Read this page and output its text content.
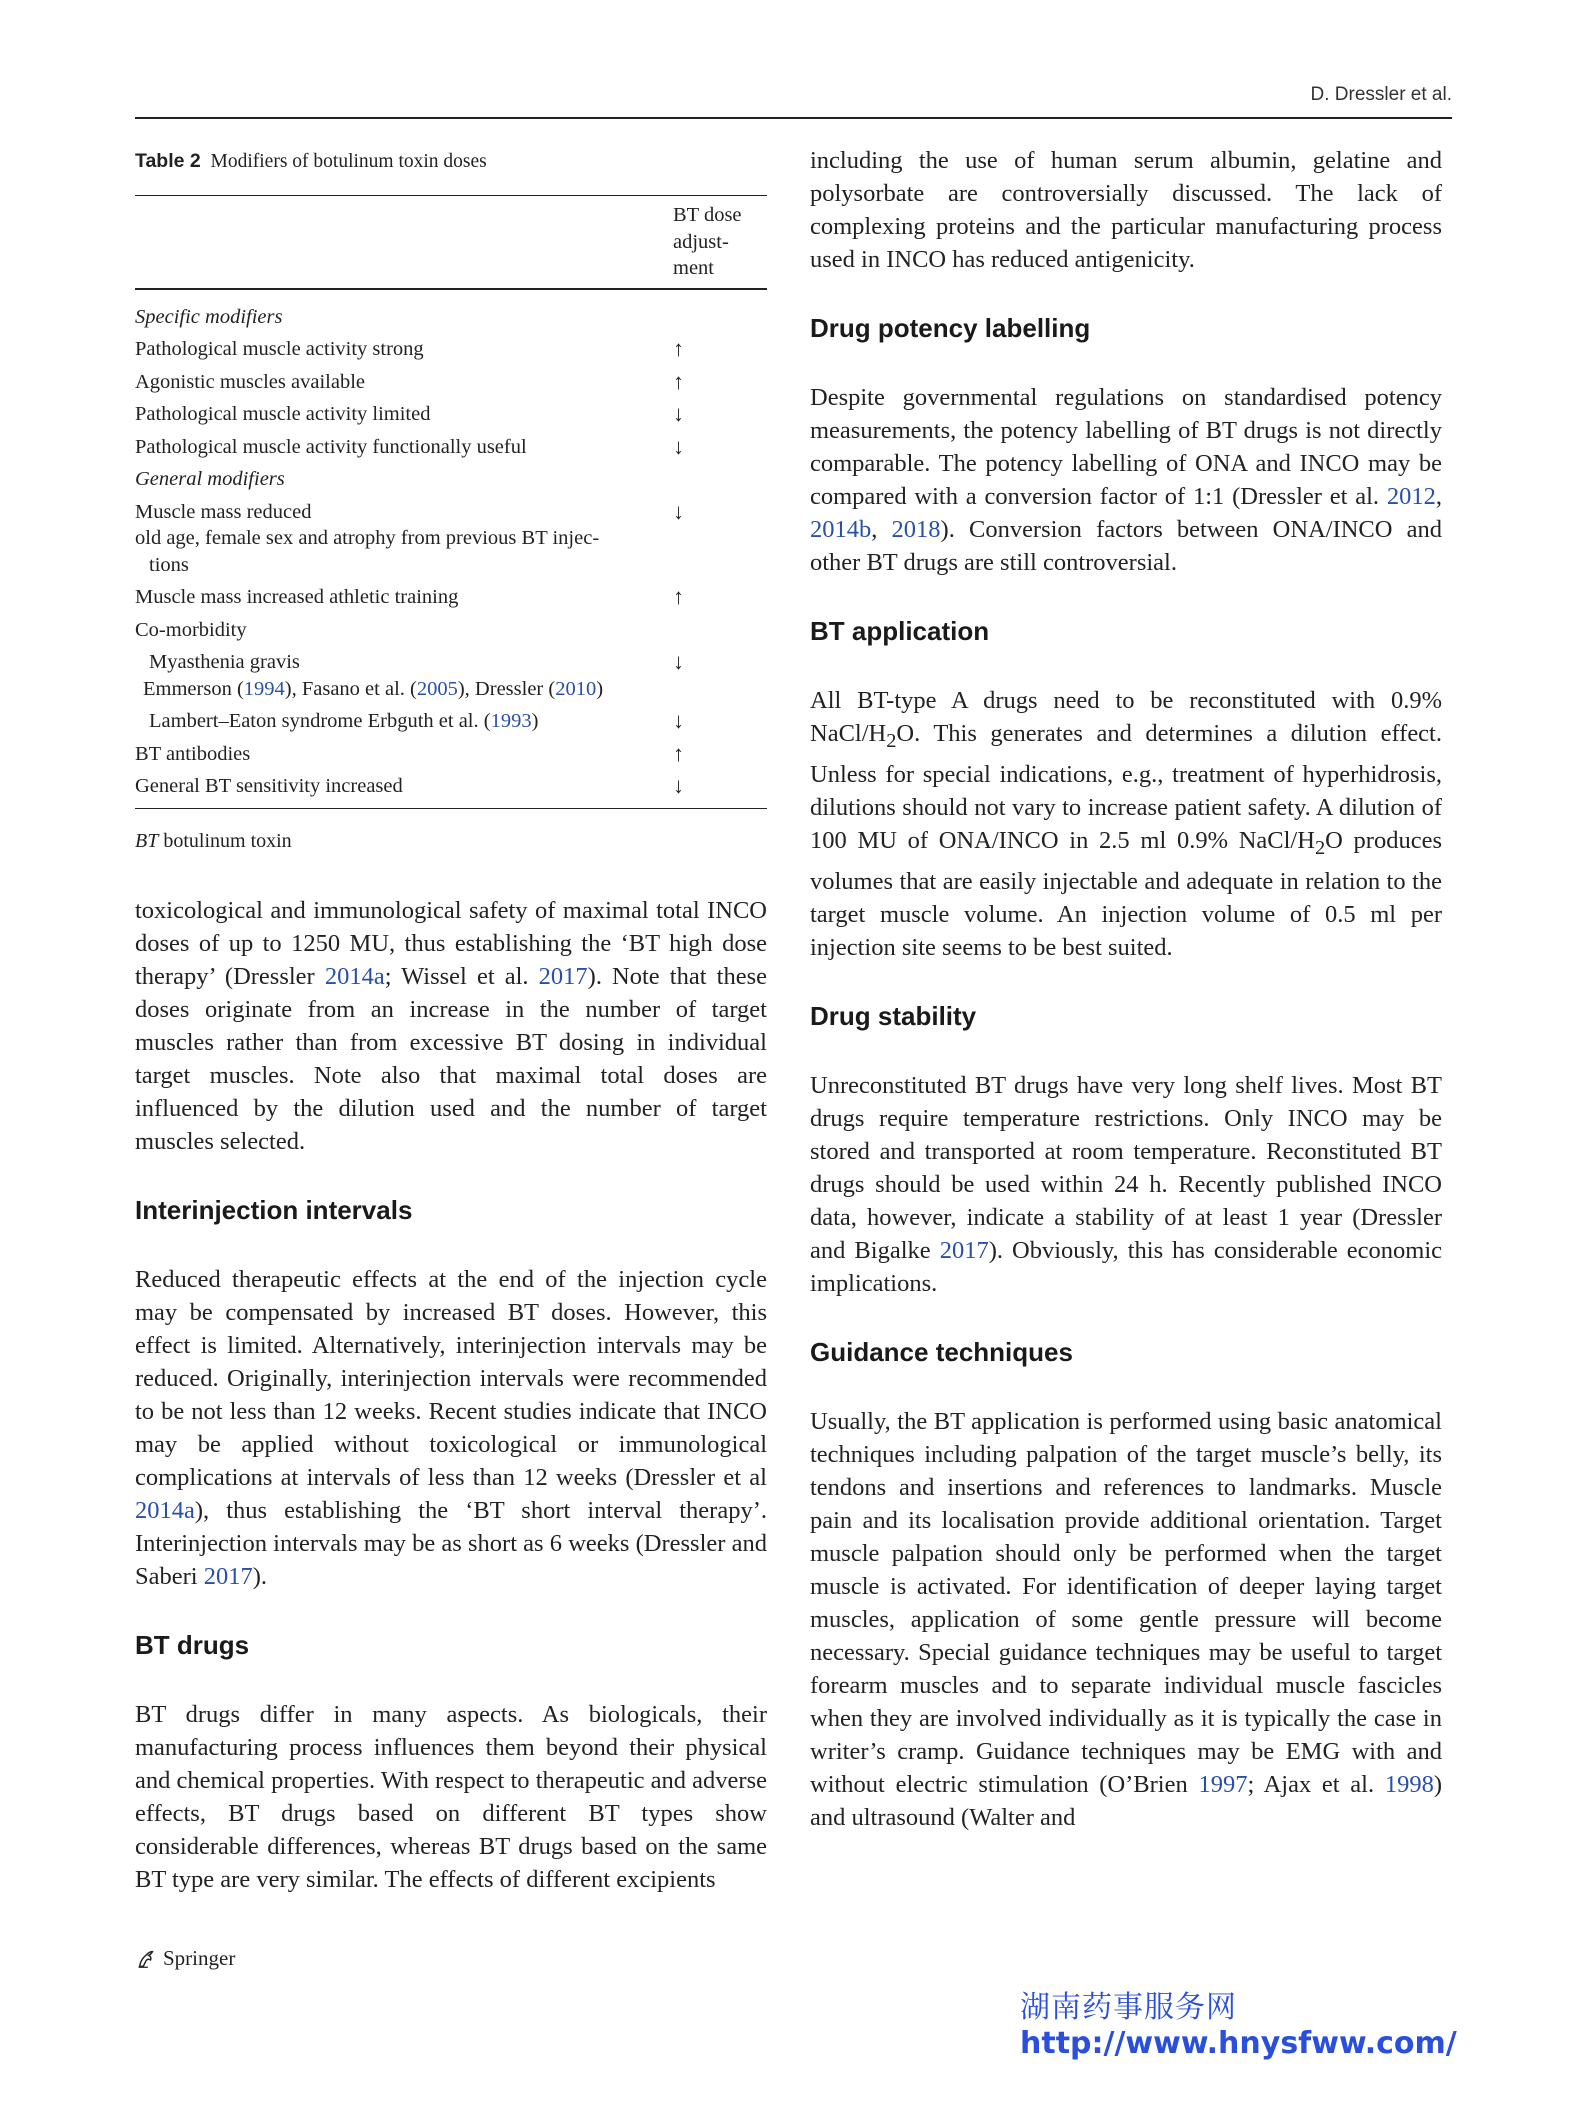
D. Dressler et al.
Table 2 Modifiers of botulinum toxin doses
	BT dose
adjust-
ment
Specific modifiers	
Pathological muscle activity strong	↑
Agonistic muscles available	↑
Pathological muscle activity limited	↓
Pathological muscle activity functionally useful	↓
General modifiers	
Muscle mass reduced
old age, female sex and atrophy from previous BT injec-
tions	↓
Muscle mass increased athletic training	↑
Co-morbidity	
Myasthenia gravis
Emmerson (1994), Fasano et al. (2005), Dressler (2010)	↓
Lambert–Eaton syndrome Erbguth et al. (1993)	↓
BT antibodies	↑
General BT sensitivity increased	↓
BT botulinum toxin

toxicological and immunological safety of maximal total INCO doses of up to 1250 MU, thus establishing the ‘BT high dose therapy’ (Dressler 2014a; Wissel et al. 2017). Note that these doses originate from an increase in the number of target muscles rather than from excessive BT dosing in individual target muscles. Note also that maximal total doses are influenced by the dilution used and the number of target muscles selected.

Interinjection intervals

Reduced therapeutic effects at the end of the injection cycle may be compensated by increased BT doses. However, this effect is limited. Alternatively, interinjection intervals may be reduced. Originally, interinjection intervals were recommended to be not less than 12 weeks. Recent studies indicate that INCO may be applied without toxicological or immunological complications at intervals of less than 12 weeks (Dressler et al 2014a), thus establishing the ‘BT short interval therapy’. Interinjection intervals may be as short as 6 weeks (Dressler and Saberi 2017).

BT drugs

BT drugs differ in many aspects. As biologicals, their manufacturing process influences them beyond their physical and chemical properties. With respect to therapeutic and adverse effects, BT drugs based on different BT types show considerable differences, whereas BT drugs based on the same BT type are very similar. The effects of different excipients

including the use of human serum albumin, gelatine and polysorbate are controversially discussed. The lack of complexing proteins and the particular manufacturing process used in INCO has reduced antigenicity.

Drug potency labelling

Despite governmental regulations on standardised potency measurements, the potency labelling of BT drugs is not directly comparable. The potency labelling of ONA and INCO may be compared with a conversion factor of 1:1 (Dressler et al. 2012, 2014b, 2018). Conversion factors between ONA/INCO and other BT drugs are still controversial.

BT application

All BT-type A drugs need to be reconstituted with 0.9% NaCl/$H_2O$. This generates and determines a dilution effect. Unless for special indications, e.g., treatment of hyperhidrosis, dilutions should not vary to increase patient safety. A dilution of 100 MU of ONA/INCO in 2.5 ml 0.9% NaCl/$H_2O$ produces volumes that are easily injectable and adequate in relation to the target muscle volume. An injection volume of 0.5 ml per injection site seems to be best suited.

Drug stability

Unreconstituted BT drugs have very long shelf lives. Most BT drugs require temperature restrictions. Only INCO may be stored and transported at room temperature. Reconstituted BT drugs should be used within 24 h. Recently published INCO data, however, indicate a stability of at least 1 year (Dressler and Bigalke 2017). Obviously, this has considerable economic implications.

Guidance techniques

Usually, the BT application is performed using basic anatomical techniques including palpation of the target muscle’s belly, its tendons and insertions and references to landmarks. Muscle pain and its localisation provide additional orientation. Target muscle palpation should only be performed when the target muscle is activated. For identification of deeper laying target muscles, application of some gentle pressure will become necessary. Special guidance techniques may be useful to target forearm muscles and to separate individual muscle fascicles when they are involved individually as it is typically the case in writer’s cramp. Guidance techniques may be EMG with and without electric stimulation (O’Brien 1997; Ajax et al. 1998) and ultrasound (Walter and

Springer
湖南药事服务网
http://www.hnysfww.com/
